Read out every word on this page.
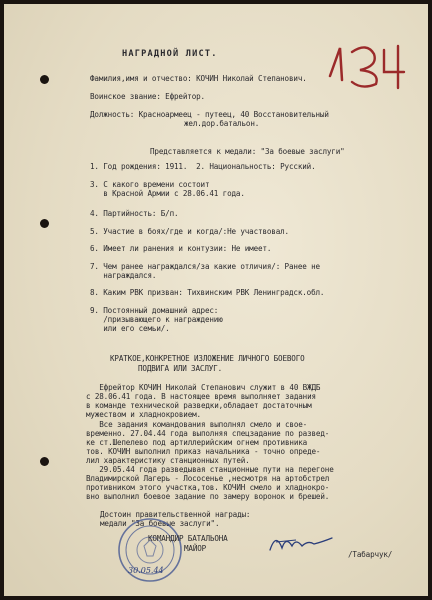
НАГРАДНОЙ ЛИСТ.
Фамилия,имя и отчество: КОЧИН Николай Степанович.
Воинское звание: Ефрейтор.
Должность: Красноармеец - путеец, 40 Восстановительный
жел.дор.батальон.
Представляется к медали: "За боевые заслуги"
1. Год рождения: 1911.  2. Национальность: Русский.
3. С какого времени состоит
в Красной Армии с 28.06.41 года.
4. Партийность: Б/п.
5. Участие в боях/где и когда/:Не участвовал.
6. Имеет ли ранения и контузии: Не имеет.
7. Чем ранее награждался/за какие отличия/: Ранее не
награждался.
8. Каким РВК призван: Тихвинским РВК Ленинградск.обл.
9. Постоянный домашний адрес:
/призывающего к награждению
или его семьи/.
КРАТКОЕ,КОНКРЕТНОЕ ИЗЛОЖЕНИЕ ЛИЧНОГО БОЕВОГО
ПОДВИГА ИЛИ ЗАСЛУГ.
Ефрейтор КОЧИН Николай Степанович служит в 40 ВЖДБ
с 28.06.41 года. В настоящее время выполняет задания
в команде технической разведки,обладает достаточным
мужеством и хладнокровием.
Все задания командования выполнял смело и свое-
временно. 27.04.44 года выполняя спецзадание по развед-
ке ст.Шепелево под артиллерийским огнем противника
тов. КОЧИН выполнил приказ начальника - точно опреде-
лил характеристику станционных путей.
29.05.44 года разведывая станционные пути на перегоне
Владимирской Лагерь - Лососенье ,несмотря на артобстрел
противником этого участка,тов. КОЧИН смело и хладнокро-
вно выполнил боевое задание по замеру воронок и брешей.
Достоин правительственной награды:
медали "За боевые заслуги".
КОМАНДИР БАТАЛЬОНА
МАЙОР
/Табарчук/
30.05.44
